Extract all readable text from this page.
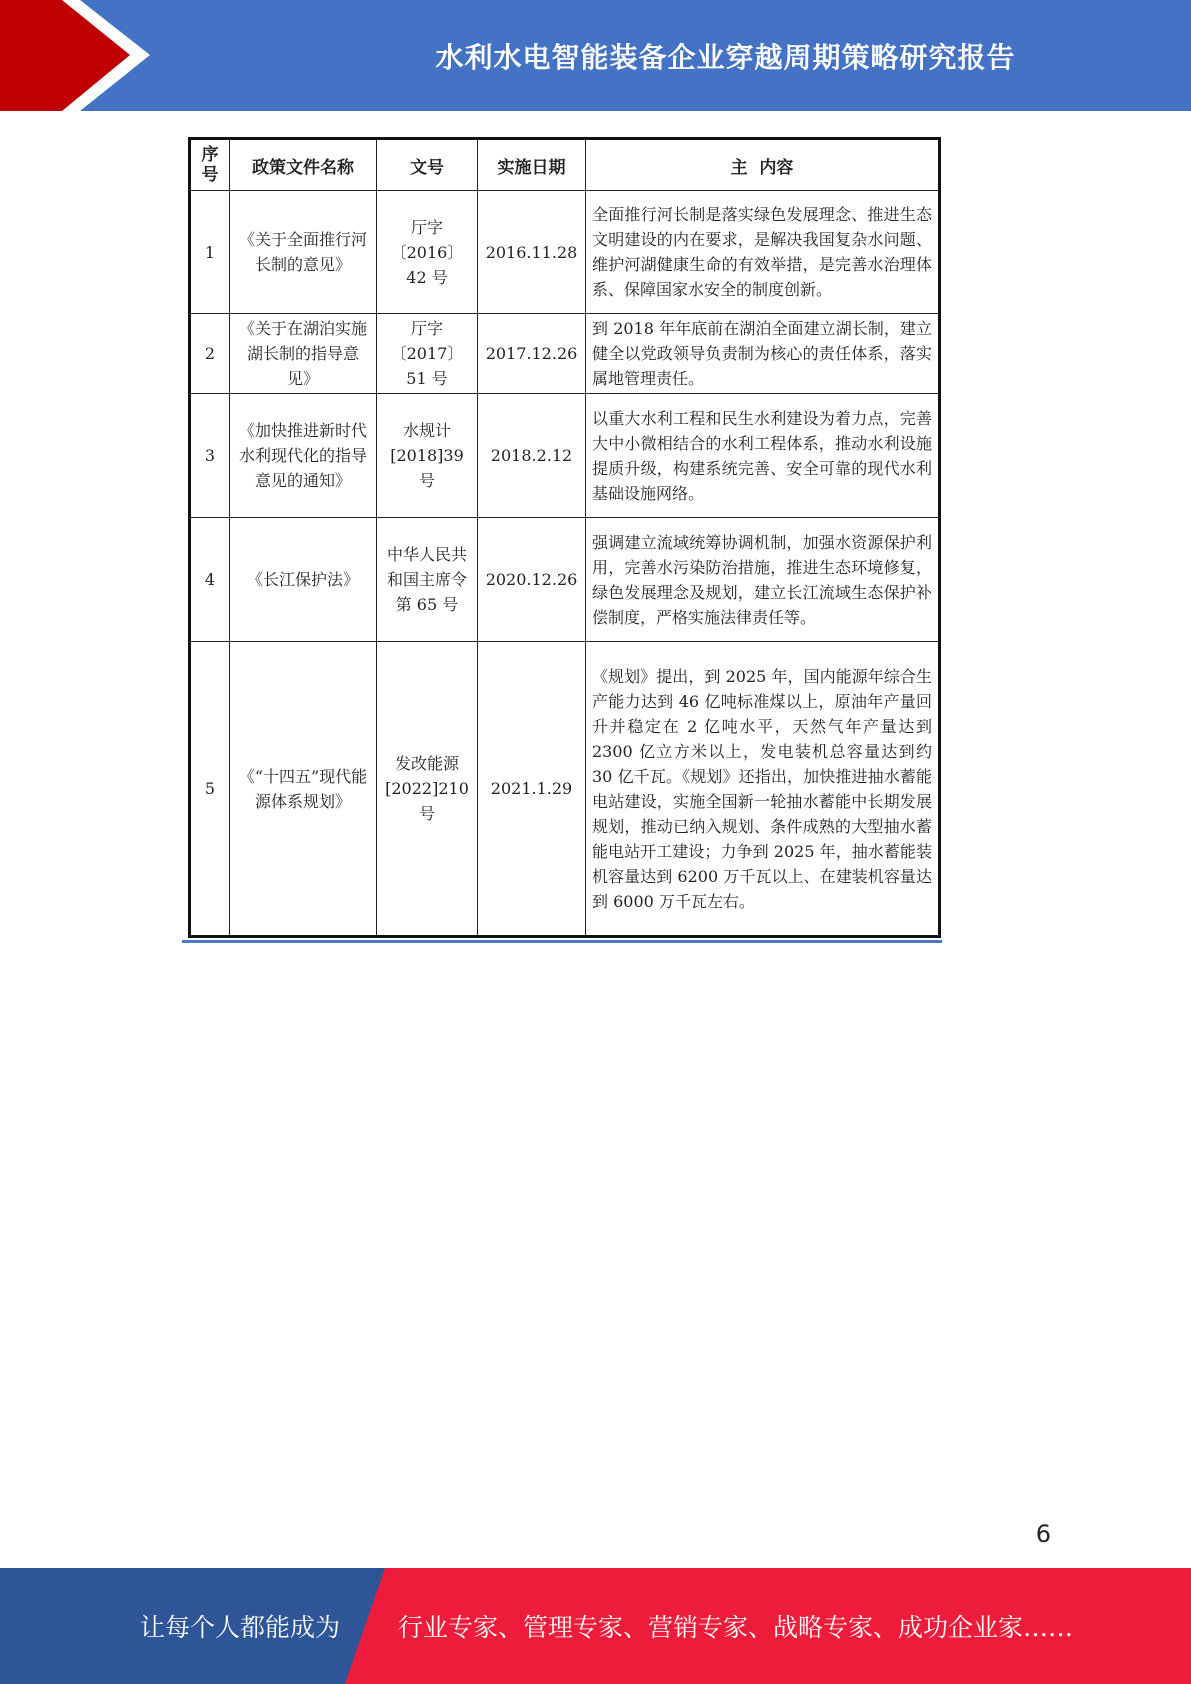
水利水电智能装备企业穿越周期策略研究报告
序号	政策文件名称	文号	实施日期	主  内容
1	《关于全面推行河长制的意见》	厅字〔2016〕42 号	2016.11.28	全面推行河长制是落实绿色发展理念、推进生态文明建设的内在要求，是解决我国复杂水问题、维护河湖健康生命的有效举措，是完善水治理体系、保障国家水安全的制度创新。
2	《关于在湖泊实施湖长制的指导意见》	厅字〔2017〕51 号	2017.12.26	到 2018 年年底前在湖泊全面建立湖长制，建立健全以党政领导负责制为核心的责任体系，落实属地管理责任。
3	《加快推进新时代水利现代化的指导意见的通知》	水规计[2018]39 号	2018.2.12	以重大水利工程和民生水利建设为着力点，完善大中小微相结合的水利工程体系，推动水利设施提质升级，构建系统完善、安全可靠的现代水利基础设施网络。
4	《长江保护法》	中华人民共和国主席令第 65 号	2020.12.26	强调建立流域统筹协调机制，加强水资源保护利用，完善水污染防治措施，推进生态环境修复，绿色发展理念及规划，建立长江流域生态保护补偿制度，严格实施法律责任等。
5	《“十四五”现代能源体系规划》	发改能源[2022]210 号	2021.1.29	《规划》提出，到 2025 年，国内能源年综合生产能力达到 46 亿吨标准煤以上，原油年产量回升并稳定在 2 亿吨水平，天然气年产量达到 2300 亿立方米以上，发电装机总容量达到约 30 亿千瓦。《规划》还指出，加快推进抽水蓄能电站建设，实施全国新一轮抽水蓄能中长期发展规划，推动已纳入规划、条件成熟的大型抽水蓄能电站开工建设；力争到 2025 年，抽水蓄能装机容量达到 6200 万千瓦以上、在建装机容量达到 6000 万千瓦左右。
6
让每个人都能成为 行业专家、管理专家、营销专家、战略专家、成功企业家……
